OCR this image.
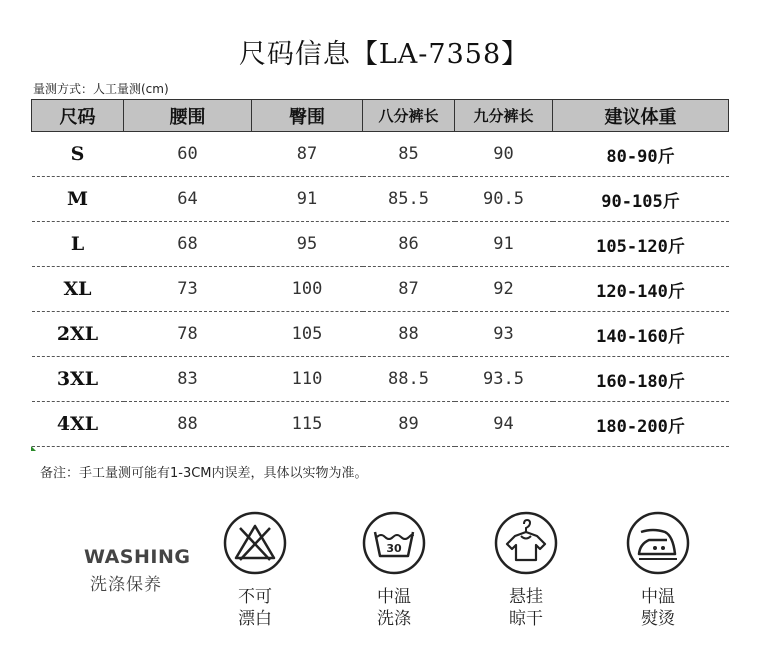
尺码信息【LA-7358】
量测方式：人工量测(cm)
尺码	腰围	臀围	八分裤长	九分裤长	建议体重
S	60	87	85	90	80-90斤
M	64	91	85.5	90.5	90-105斤
L	68	95	86	91	105-120斤
XL	73	100	87	92	120-140斤
2XL	78	105	88	93	140-160斤
3XL	83	110	88.5	93.5	160-180斤
4XL	88	115	89	94	180-200斤
备注：手工量测可能有1-3CM内误差，具体以实物为准。
WASHING
洗涤保养
不可
漂白
30
中温
洗涤
悬挂
晾干
中温
熨烫
